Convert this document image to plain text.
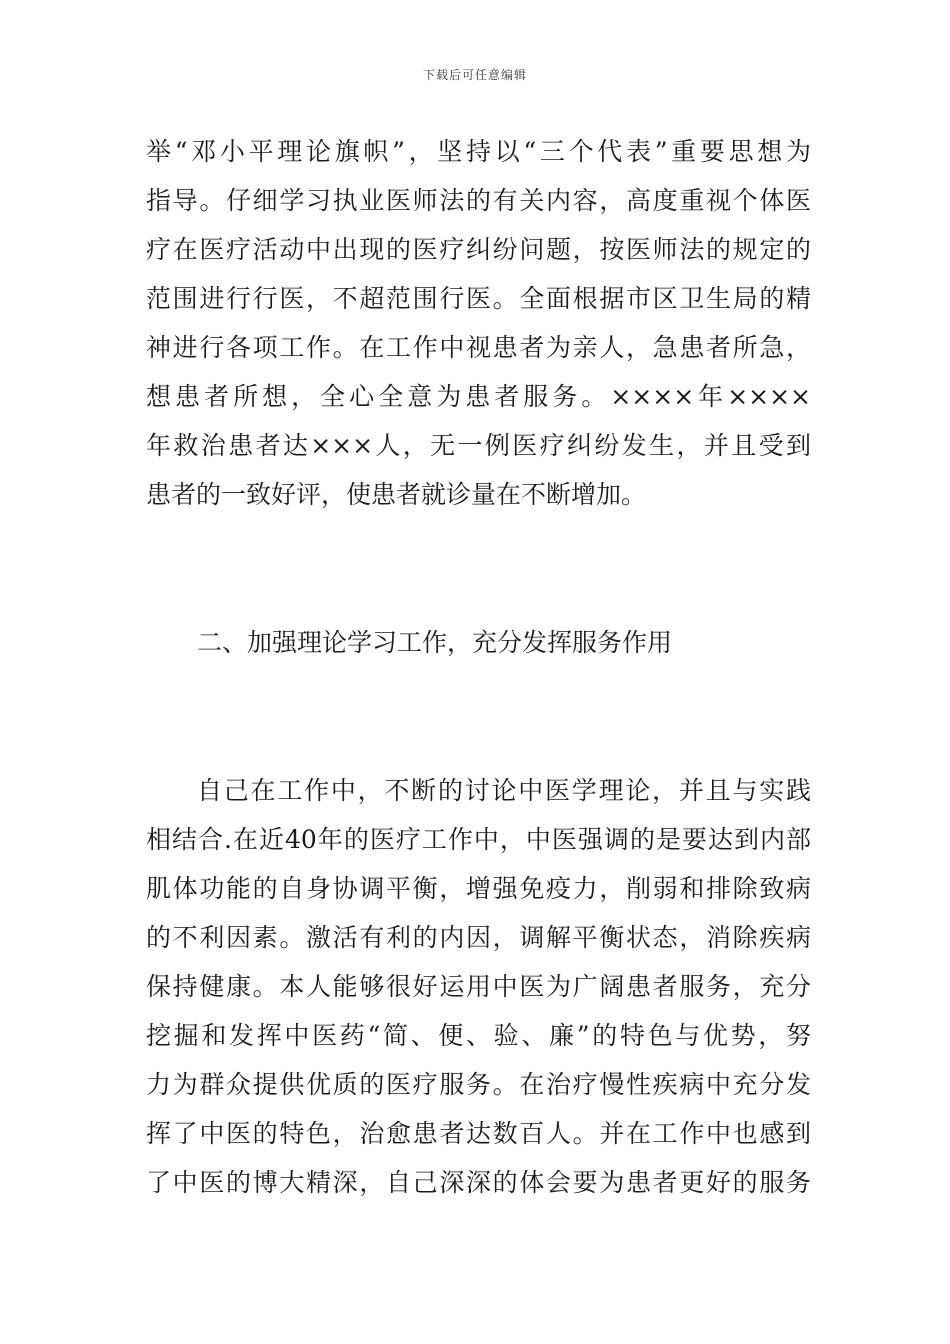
下载后可任意编辑
举“邓小平理论旗帜”，坚持以“三个代表”重要思想为
指导。仔细学习执业医师法的有关内容，高度重视个体医
疗在医疗活动中出现的医疗纠纷问题，按医师法的规定的
范围进行行医，不超范围行医。全面根据市区卫生局的精
神进行各项工作。在工作中视患者为亲人，急患者所急，
想患者所想，全心全意为患者服务。××××年××××
年救治患者达×××人，无一例医疗纠纷发生，并且受到
患者的一致好评，使患者就诊量在不断增加。
二、加强理论学习工作，充分发挥服务作用
自己在工作中，不断的讨论中医学理论，并且与实践
相结合.在近40年的医疗工作中，中医强调的是要达到内部
肌体功能的自身协调平衡，增强免疫力，削弱和排除致病
的不利因素。激活有利的内因，调解平衡状态，消除疾病
保持健康。本人能够很好运用中医为广阔患者服务，充分
挖掘和发挥中医药“简、便、验、廉”的特色与优势，努
力为群众提供优质的医疗服务。在治疗慢性疾病中充分发
挥了中医的特色，治愈患者达数百人。并在工作中也感到
了中医的博大精深，自己深深的体会要为患者更好的服务
